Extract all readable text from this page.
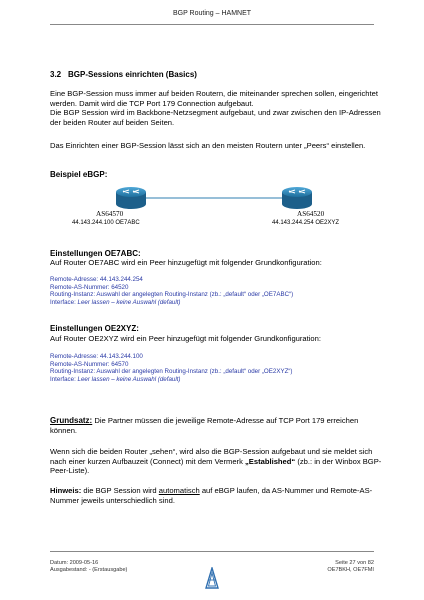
BGP Routing – HAMNET
3.2 BGP-Sessions einrichten (Basics)
Eine BGP-Session muss immer auf beiden Routern, die miteinander sprechen sollen, eingerichtet werden. Damit wird die TCP Port 179 Connection aufgebaut.
Die BGP Session wird im Backbone-Netzsegment aufgebaut, und zwar zwischen den IP-Adressen der beiden Router auf beiden Seiten.
Das Einrichten einer BGP-Session lässt sich an den meisten Routern unter „Peers“ einstellen.
Beispiel eBGP:
AS64570
44.143.244.100 OE7ABC
AS64520
44.143.244.254 OE2XYZ
Einstellungen OE7ABC:
Auf Router OE7ABC wird ein Peer hinzugefügt mit folgender Grundkonfiguration:
Remote-Adresse: 44.143.244.254
Remote-AS-Nummer: 64520
Routing-Instanz: Auswahl der angelegten Routing-Instanz (zb.: „default“ oder „OE7ABC“)
Interface: Leer lassen – keine Auswahl (default)
Einstellungen OE2XYZ:
Auf Router OE2XYZ wird ein Peer hinzugefügt mit folgender Grundkonfiguration:
Remote-Adresse: 44.143.244.100
Remote-AS-Nummer: 64570
Routing-Instanz: Auswahl der angelegten Routing-Instanz (zb.: „default“ oder „OE2XYZ“)
Interface: Leer lassen – keine Auswahl (default)
Grundsatz: Die Partner müssen die jeweilige Remote-Adresse auf TCP Port 179 erreichen können.
Wenn sich die beiden Router „sehen“, wird also die BGP-Session aufgebaut und sie meldet sich nach einer kurzen Aufbauzeit (Connect) mit dem Vermerk „Established“ (zb.: in der Winbox BGP-Peer-Liste).
Hinweis: die BGP Session wird automatisch auf eBGP laufen, da AS-Nummer und Remote-AS-Nummer jeweils unterschiedlich sind.
Datum: 2009-05-16
Ausgabestand: - (Erstausgabe)
Seite 27 von 82
OE7BKH, OE7FMI
